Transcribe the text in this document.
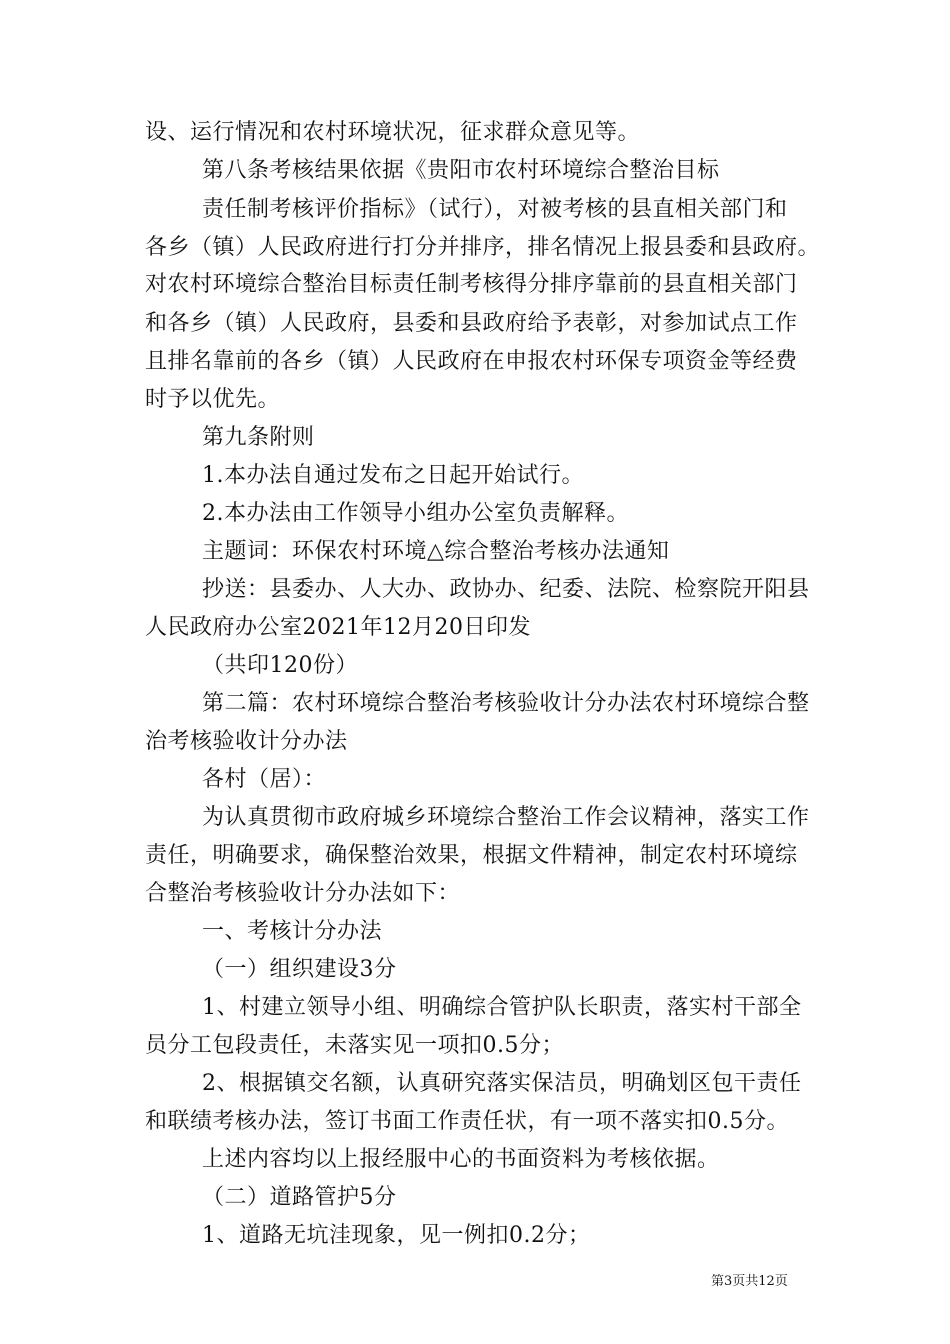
设、运行情况和农村环境状况，征求群众意见等。
第八条考核结果依据《贵阳市农村环境综合整治目标
责任制考核评价指标》（试行），对被考核的县直相关部门和
各乡（镇）人民政府进行打分并排序，排名情况上报县委和县政府。
对农村环境综合整治目标责任制考核得分排序靠前的县直相关部门
和各乡（镇）人民政府，县委和县政府给予表彰，对参加试点工作
且排名靠前的各乡（镇）人民政府在申报农村环保专项资金等经费
时予以优先。
第九条附则
1.本办法自通过发布之日起开始试行。
2.本办法由工作领导小组办公室负责解释。
主题词：环保农村环境△综合整治考核办法通知
抄送：县委办、人大办、政协办、纪委、法院、检察院开阳县
人民政府办公室2021年12月20日印发
（共印120份）
第二篇：农村环境综合整治考核验收计分办法农村环境综合整
治考核验收计分办法
各村（居）：
为认真贯彻市政府城乡环境综合整治工作会议精神，落实工作
责任，明确要求，确保整治效果，根据文件精神，制定农村环境综
合整治考核验收计分办法如下：
一、考核计分办法
（一）组织建设3分
1、村建立领导小组、明确综合管护队长职责，落实村干部全
员分工包段责任，未落实见一项扣0.5分；
2、根据镇交名额，认真研究落实保洁员，明确划区包干责任
和联绩考核办法，签订书面工作责任状，有一项不落实扣0.5分。
上述内容均以上报经服中心的书面资料为考核依据。
（二）道路管护5分
1、道路无坑洼现象，见一例扣0.2分；
第3页共12页
